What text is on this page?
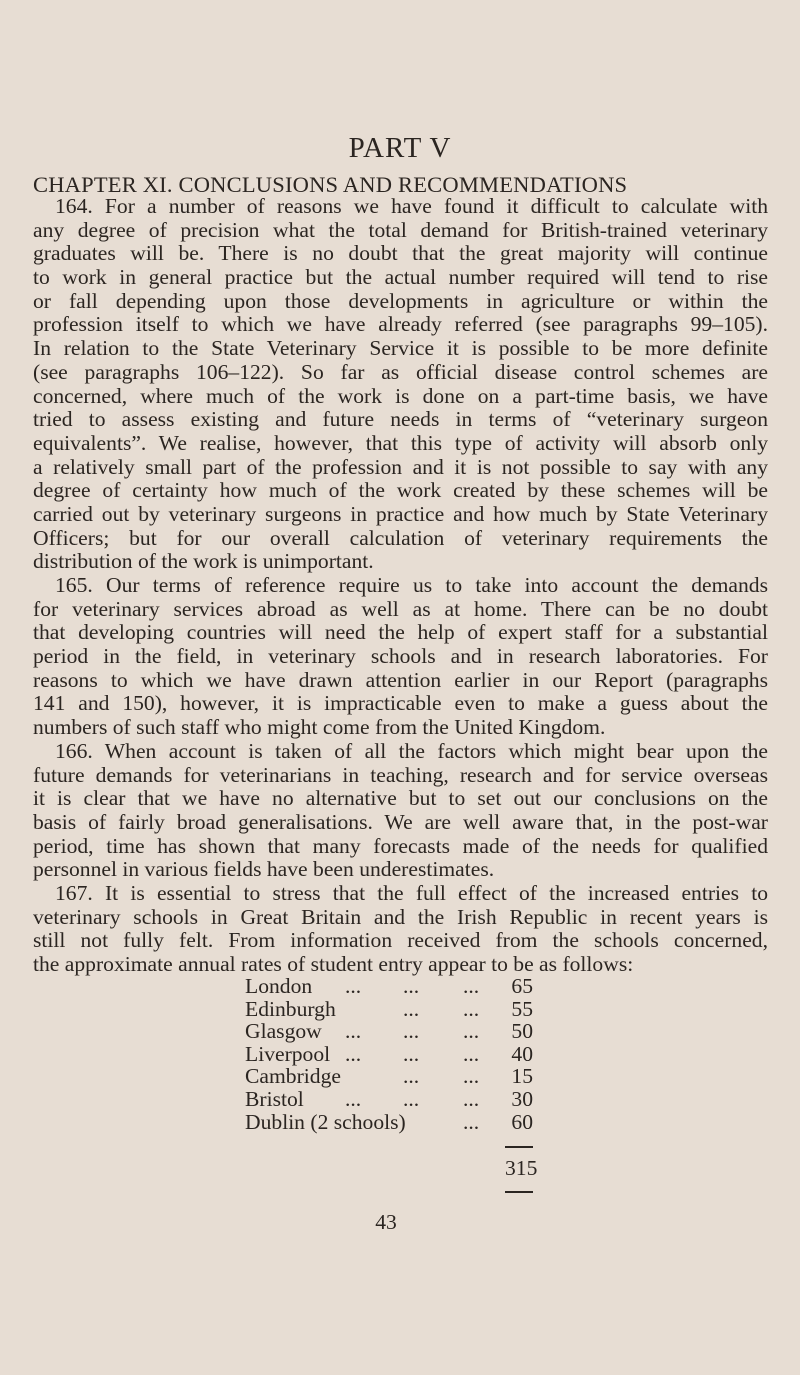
PART V
CHAPTER XI. CONCLUSIONS AND RECOMMENDATIONS
164. For a number of reasons we have found it difficult to calculate with
any degree of precision what the total demand for British-trained veterinary
graduates will be. There is no doubt that the great majority will continue
to work in general practice but the actual number required will tend to rise
or fall depending upon those developments in agriculture or within the
profession itself to which we have already referred (see paragraphs 99–105).
In relation to the State Veterinary Service it is possible to be more definite
(see paragraphs 106–122). So far as official disease control schemes are
concerned, where much of the work is done on a part-time basis, we have
tried to assess existing and future needs in terms of “veterinary surgeon
equivalents”. We realise, however, that this type of activity will absorb only
a relatively small part of the profession and it is not possible to say with any
degree of certainty how much of the work created by these schemes will be
carried out by veterinary surgeons in practice and how much by State Veterinary
Officers; but for our overall calculation of veterinary requirements the
distribution of the work is unimportant.
165. Our terms of reference require us to take into account the demands
for veterinary services abroad as well as at home. There can be no doubt
that developing countries will need the help of expert staff for a substantial
period in the field, in veterinary schools and in research laboratories. For
reasons to which we have drawn attention earlier in our Report (paragraphs
141 and 150), however, it is impracticable even to make a guess about the
numbers of such staff who might come from the United Kingdom.
166. When account is taken of all the factors which might bear upon the
future demands for veterinarians in teaching, research and for service overseas
it is clear that we have no alternative but to set out our conclusions on the
basis of fairly broad generalisations. We are well aware that, in the post-war
period, time has shown that many forecasts made of the needs for qualified
personnel in various fields have been underestimates.
167. It is essential to stress that the full effect of the increased entries to
veterinary schools in Great Britain and the Irish Republic in recent years is
still not fully felt. From information received from the schools concerned,
the approximate annual rates of student entry appear to be as follows:
London ... ... ... 65
Edinburgh	... ... 55
Glasgow ... ... ... 50
Liverpool ... ... ... 40
Cambridge	... ... 15
Bristol ... ... ... 30
Dublin (2 schools)	... 60
315
43
